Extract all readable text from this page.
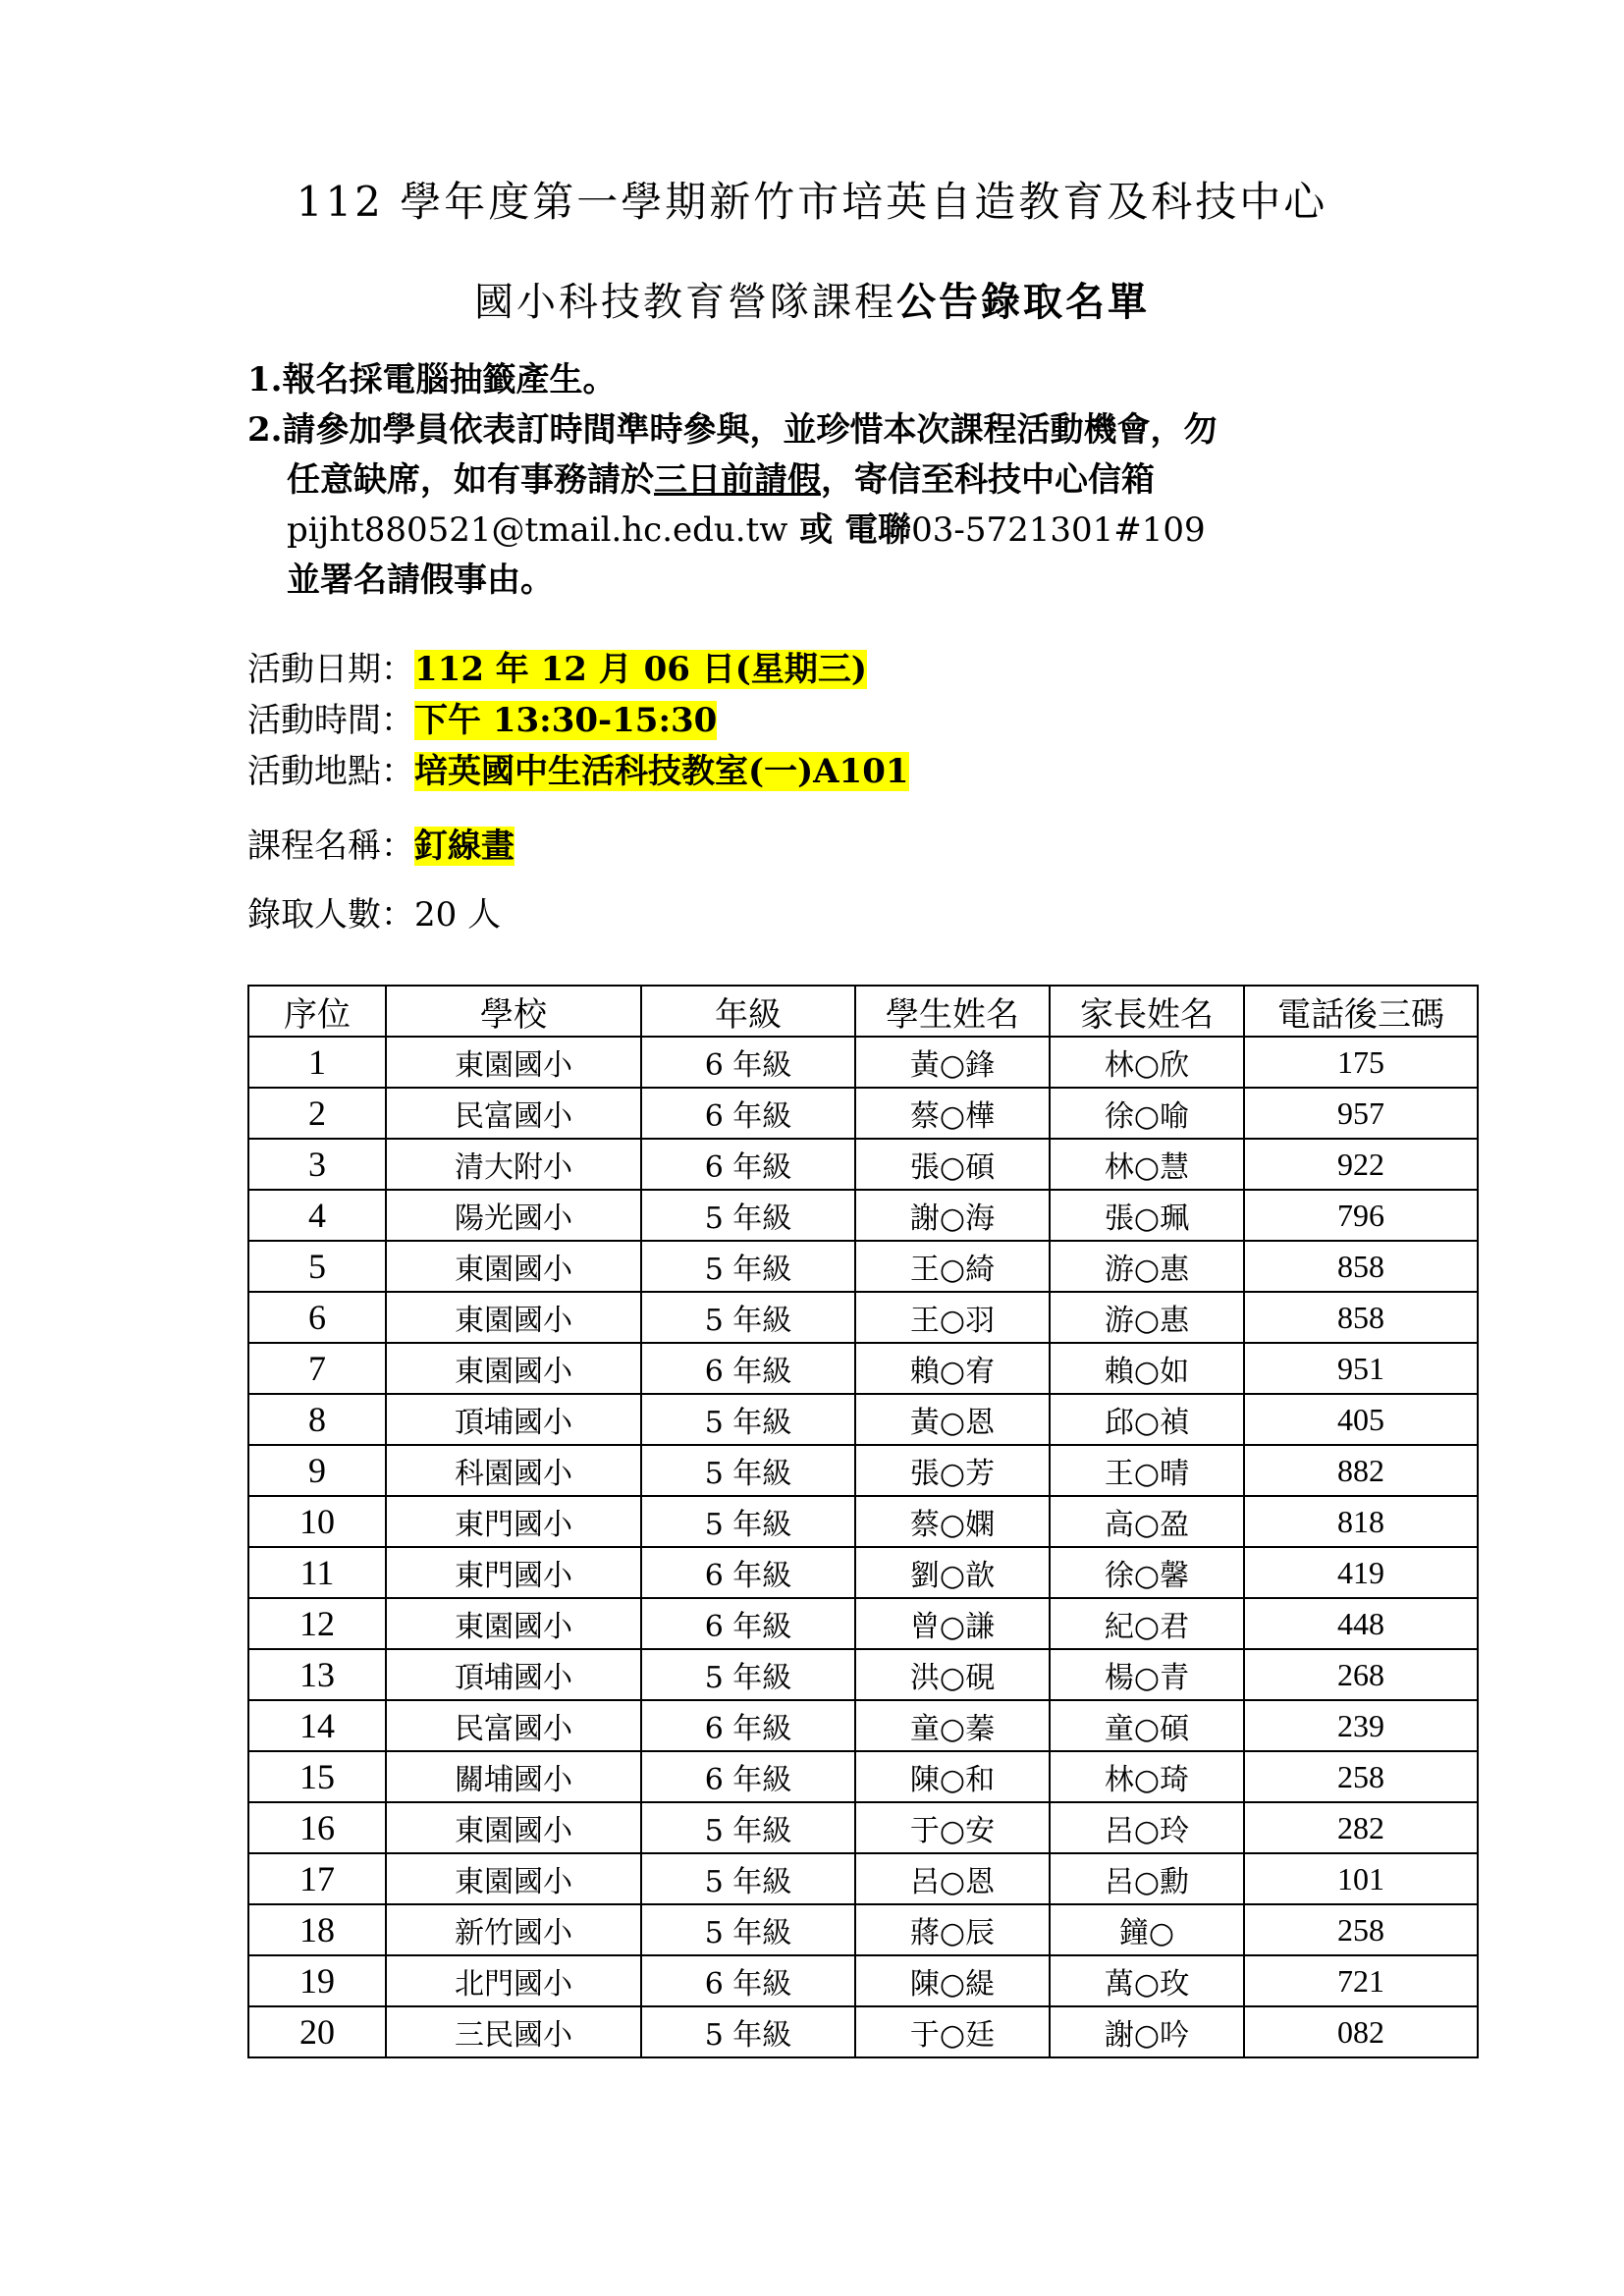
112 學年度第一學期新竹市培英自造教育及科技中心
國小科技教育營隊課程公告錄取名單
1.報名採電腦抽籤產生。
2.請參加學員依表訂時間準時參與，並珍惜本次課程活動機會，勿
任意缺席，如有事務請於三日前請假，寄信至科技中心信箱
pijht880521@tmail.hc.edu.tw 或 電聯03-5721301#109
並署名請假事由。
活動日期：112 年 12 月 06 日(星期三)
活動時間：下午 13:30-15:30
活動地點：培英國中生活科技教室(一)A101
課程名稱：釘線畫
錄取人數：20 人
序位	學校	年級	學生姓名	家長姓名	電話後三碼
1	東園國小	6 年級	黃○鋒	林○欣	175
2	民富國小	6 年級	蔡○樺	徐○喻	957
3	清大附小	6 年級	張○碩	林○慧	922
4	陽光國小	5 年級	謝○海	張○珮	796
5	東園國小	5 年級	王○綺	游○惠	858
6	東園國小	5 年級	王○羽	游○惠	858
7	東園國小	6 年級	賴○宥	賴○如	951
8	頂埔國小	5 年級	黃○恩	邱○禎	405
9	科園國小	5 年級	張○芳	王○晴	882
10	東門國小	5 年級	蔡○嫻	高○盈	818
11	東門國小	6 年級	劉○歆	徐○馨	419
12	東園國小	6 年級	曾○謙	紀○君	448
13	頂埔國小	5 年級	洪○硯	楊○青	268
14	民富國小	6 年級	童○蓁	童○碩	239
15	關埔國小	6 年級	陳○和	林○琦	258
16	東園國小	5 年級	于○安	呂○玲	282
17	東園國小	5 年級	呂○恩	呂○勳	101
18	新竹國小	5 年級	蔣○辰	鐘○	258
19	北門國小	6 年級	陳○緹	萬○玫	721
20	三民國小	5 年級	于○廷	謝○吟	082
